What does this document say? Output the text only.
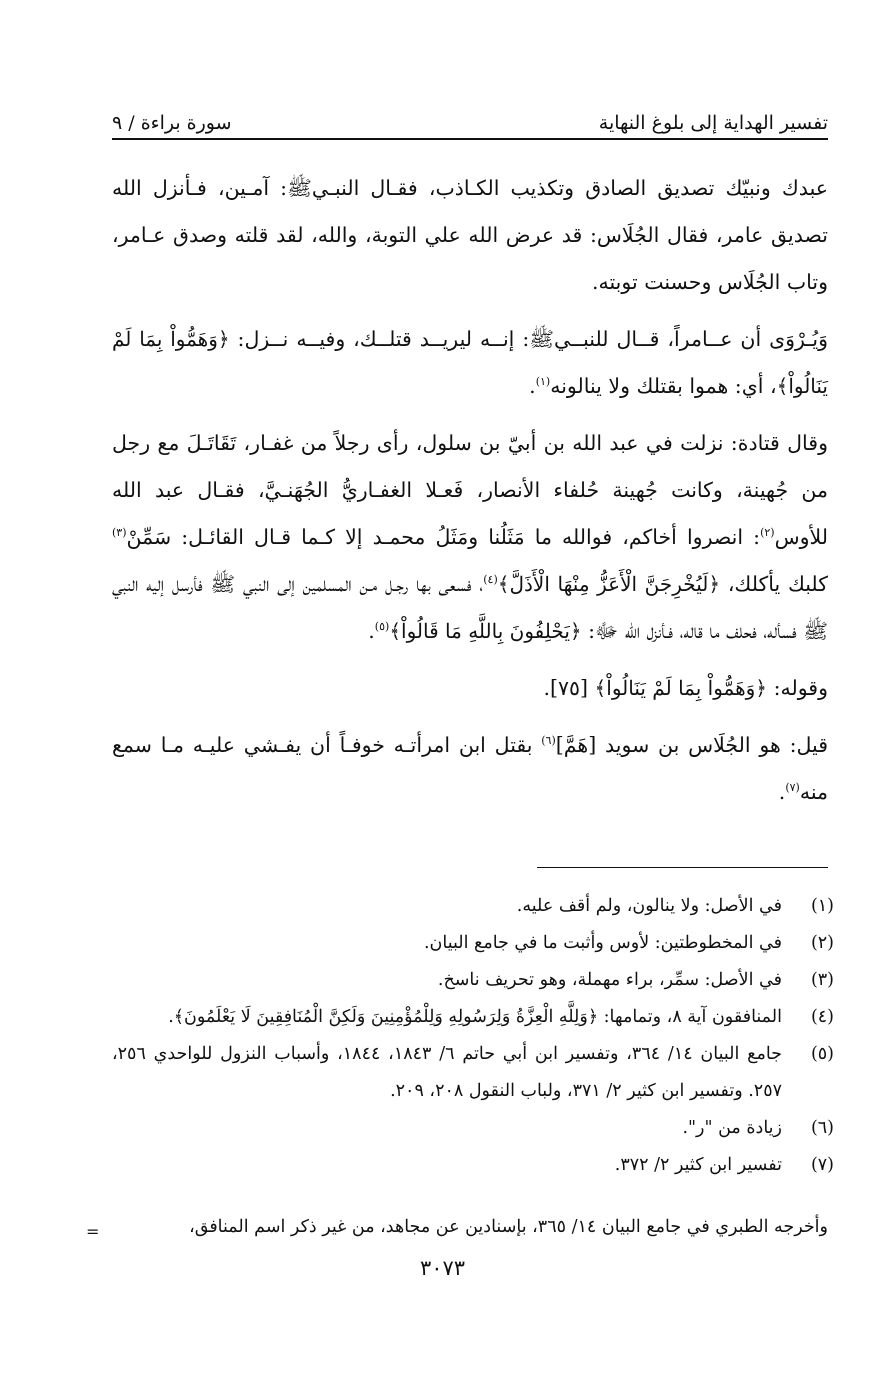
تفسير الهداية إلى بلوغ النهاية
سورة براءة / ٩

عبدك ونبيّك تصديق الصادق وتكذيب الكـاذب، فقـال النبـيﷺ: آمـين، فـأنزل الله تصديق عامر، فقال الجُلَاس: قد عرض الله علي التوبة، والله، لقد قلته وصدق عـامر، وتاب الجُلَاس وحسنت توبته.

وَيُـرْوَى أن عــامراً، قــال للنبــيﷺ: إنــه ليريــد قتلــك، وفيــه نــزل: ﴿وَهَمُّواْ بِمَا لَمْ يَنَالُواْ﴾، أي: هموا بقتلك ولا ينالونه$^{(١)}$.

وقال قتادة: نزلت في عبد الله بن أبيّ بن سلول، رأى رجلاً من غفـار، تَقَاتَـلَ مع رجل من جُهينة، وكانت جُهينة حُلفاء الأنصار، فَعـلا الغفـاريُّ الجُهَنـيَّ، فقـال عبد الله للأوس$^{(٢)}$: انصروا أخاكم، فوالله ما مَثَلُنا ومَثَلُ محمـد إلا كـما قـال القائـل: سَمِّنْ$^{(٣)}$ كلبك يأكلك، ﴿لَيُخْرِجَنَّ الْأَعَزُّ مِنْهَا الْأَذَلَّ﴾$^{(٤)}$، فسعى بها رجـل مـن المسلمين إلى النبي ﷺ فأرسل إليه النبي ﷺ فسأله، فحلف ما قاله، فـأنزل الله ﷻ: ﴿يَحْلِفُونَ بِاللَّهِ مَا قَالُواْ﴾$^{(٥)}$.

وقوله: ﴿وَهَمُّواْ بِمَا لَمْ يَنَالُواْ﴾ [٧٥].

قيل: هو الجُلَاس بن سويد [هَمَّ]$^{(٦)}$ بقتل ابن امرأتـه خوفـاً أن يفـشي عليـه مـا سمع منه$^{(٧)}$.

(١)
في الأصل: ولا ينالون، ولم أقف عليه.
(٢)
في المخطوطتين: لأوس وأثبت ما في جامع البيان.
(٣)
في الأصل: سمِّر، براء مهملة، وهو تحريف ناسخ.
(٤)
المنافقون آية ٨، وتمامها: ﴿وَلِلَّهِ الْعِزَّةُ وَلِرَسُولِهِ وَلِلْمُؤْمِنِينَ وَلَكِنَّ الْمُنَافِقِينَ لَا يَعْلَمُونَ﴾.
(٥)
جامع البيان ١٤/ ٣٦٤، وتفسير ابن أبي حاتم ٦/ ١٨٤٣، ١٨٤٤، وأسباب النزول للواحدي ٢٥٦، ٢٥٧. وتفسير ابن كثير ٢/ ٣٧١، ولباب النقول ٢٠٨، ٢٠٩.
(٦)
زيادة من "ر".
(٧)
تفسير ابن كثير ٢/ ٣٧٢.
وأخرجه الطبري في جامع البيان ١٤/ ٣٦٥، بإسنادين عن مجاهد، من غير ذكر اسم المنافق،
=
٣٠٧٣
